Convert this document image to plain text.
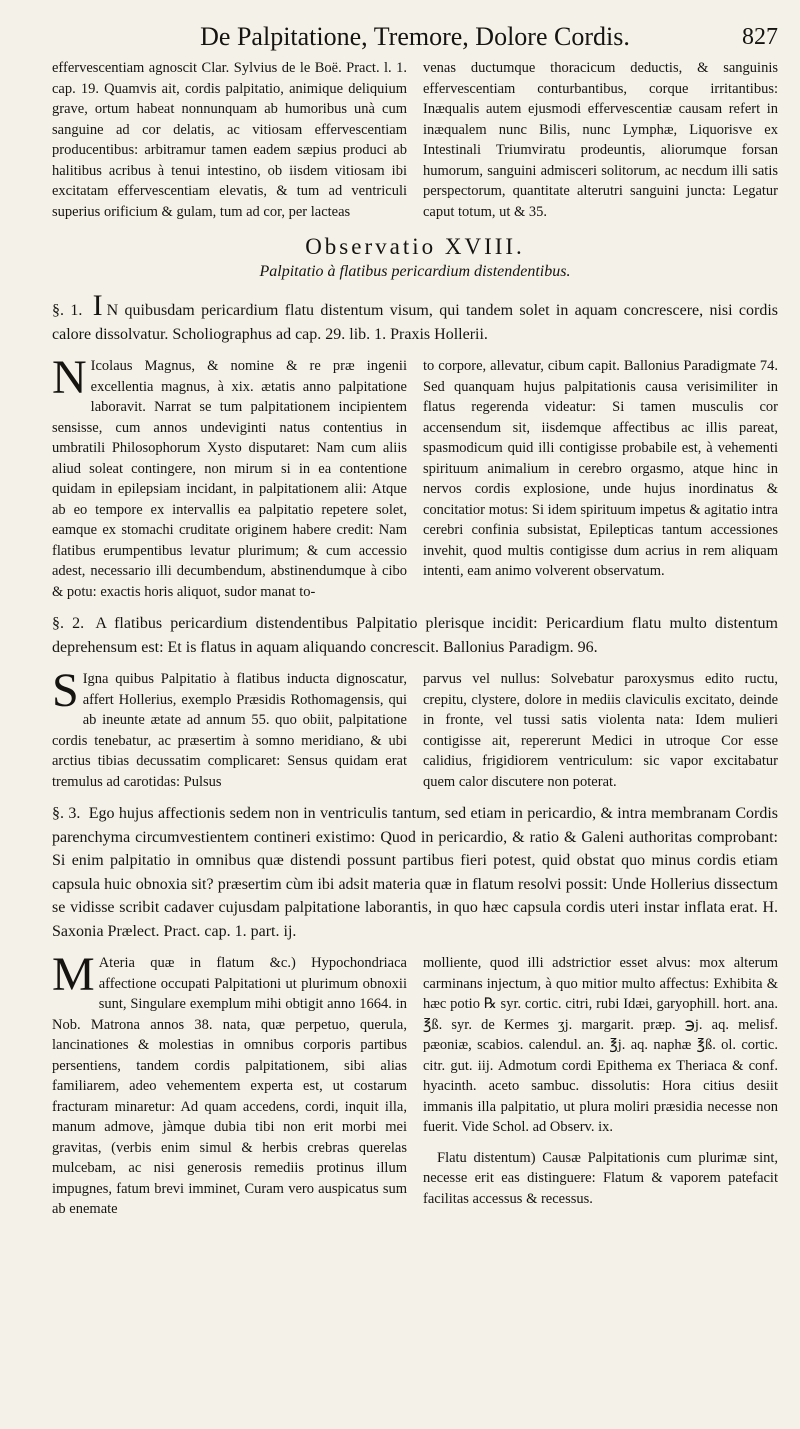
De Palpitatione, Tremore, Dolore Cordis.	827
effervescentiam agnoscit Clar. Sylvius de le Boë. Pract. l. 1. cap. 19. Quamvis ait, cordis palpitatio, animique deliquium grave, ortum habeat nonnunquam ab humoribus unà cum sanguine ad cor delatis, ac vitiosam effervescentiam producentibus: arbitramur tamen eadem sæpius produci ab halitibus acribus à tenui intestino, ob iisdem vitiosam ibi excitatam effervescentiam elevatis, & tum ad ventriculi superius orificium & gulam, tum ad cor, per lacteas
venas ductumque thoracicum deductis, & sanguinis effervescentiam conturbantibus, corque irritantibus: Inæqualis autem ejusmodi effervescentiæ causam refert in inæqualem nunc Bilis, nunc Lymphæ, Liquorisve ex Intestinali Triumviratu prodeuntis, aliorumque forsan humorum, sanguini admisceri solitorum, ac necdum illi satis perspectorum, quantitate alterutri sanguini juncta: Legatur caput totum, ut & 35.
Observatio XVIII.
Palpitatio à flatibus pericardium distendentibus.
§. 1. I N quibusdam pericardium flatu distentum visum, qui tandem solet in aquam concrescere, nisi cordis calore dissolvatur. Scholiographus ad cap. 29. lib. 1. Praxis Hollerii.
N Icolaus Magnus, & nomine & re præ ingenii excellentia magnus, à xix. ætatis anno palpitatione laboravit. Narrat se tum palpitationem incipientem sensisse, cum annos undeviginti natus contentius in umbratili Philosophorum Xysto disputaret: Nam cum aliis aliud soleat contingere, non mirum si in ea contentione quidam in epilepsiam incidant, in palpitationem alii: Atque ab eo tempore ex intervallis ea palpitatio repetere solet, eamque ex stomachi cruditate originem habere credit: Nam flatibus erumpentibus levatur plurimum; & cum accessio adest, necessario illi decumbendum, abstinendumque à cibo & potu: exactis horis aliquot, sudor manat to-

to corpore, allevatur, cibum capit. Ballonius Paradigmate 74. Sed quanquam hujus palpitationis causa verisimiliter in flatus regerenda videatur: Si tamen musculis cor accensendum sit, iisdemque affectibus ac illis pareat, spasmodicum quid illi contigisse probabile est, à vehementi spirituum animalium in cerebro orgasmo, atque hinc in nervos cordis explosione, unde hujus inordinatus & concitatior motus: Si idem spirituum impetus & agitatio intra cerebri confinia subsistat, Epilepticas tantum accessiones invehit, quod multis contigisse dum acrius in rem aliquam intenti, eam animo volverent observatum.
§. 2. A flatibus pericardium distendentibus Palpitatio plerisque incidit: Pericardium flatu multo distentum deprehensum est: Et is flatus in aquam aliquando concrescit. Ballonius Paradigm. 96.
S Igna quibus Palpitatio à flatibus inducta dignoscatur, affert Hollerius, exemplo Præsidis Rothomagensis, qui ab ineunte ætate ad annum 55. quo obiit, palpitatione cordis tenebatur, ac præsertim à somno meridiano, & ubi arctius tibias decussatim complicaret: Sensus quidam erat tremulus ad carotidas: Pulsus

parvus vel nullus: Solvebatur paroxysmus edito ructu, crepitu, clystere, dolore in mediis claviculis excitato, deinde in fronte, vel tussi satis violenta nata: Idem mulieri contigisse ait, repererunt Medici in utroque Cor esse calidius, frigidiorem ventriculum: sic vapor excitabatur quem calor discutere non poterat.
§. 3. Ego hujus affectionis sedem non in ventriculis tantum, sed etiam in pericardio, & intra membranam Cordis parenchyma circumvestientem contineri existimo: Quod in pericardio, & ratio & Galeni authoritas comprobant: Si enim palpitatio in omnibus quæ distendi possunt partibus fieri potest, quid obstat quo minus cordis etiam capsula huic obnoxia sit? præsertim cùm ibi adsit materia quæ in flatum resolvi possit: Unde Hollerius dissectum se vidisse scribit cadaver cujusdam palpitatione laborantis, in quo hæc capsula cordis uteri instar inflata erat. H. Saxonia Prælect. Pract. cap. 1. part. ij.
M Ateria quæ in flatum &c.) Hypochondriaca affectione occupati Palpitationi ut plurimum obnoxii sunt, Singulare exemplum mihi obtigit anno 1664. in Nob. Matrona annos 38. nata, quæ perpetuo, querula, lancinationes & molestias in omnibus corporis partibus persentiens, tandem cordis palpitationem, sibi alias familiarem, adeo vehementem experta est, ut costarum fracturam minaretur: Ad quam accedens, cordi, inquit illa, manum admove, jàmque dubia tibi non erit morbi mei gravitas, (verbis enim simul & herbis crebras querelas mulcebam, ac nisi generosis remediis protinus illum impugnes, fatum brevi imminet, Curam vero auspicatus sum ab enemate

molliente, quod illi adstrictior esset alvus: mox alterum carminans injectum, à quo mitior multo affectus: Exhibita & hæc potio ℞ syr. cortic. citri, rubi Idæi, garyophill. hort. ana. ℥ß. syr. de Kermes ʒj. margarit. præp. ℈j. aq. melisf. pæoniæ, scabios. calendul. an. ℥j. aq. naphæ ℥ß. ol. cortic. citr. gut. iij. Admotum cordi Epithema ex Theriaca & conf. hyacinth. aceto sambuc. dissolutis: Hora citius desiit immanis illa palpitatio, ut plura moliri præsidia necesse non fuerit. Vide Schol. ad Observ. ix.

Flatu distentum) Causæ Palpitationis cum plurimæ sint, necesse erit eas distinguere: Flatum & vaporem patefacit facilitas accessus & recessus.
